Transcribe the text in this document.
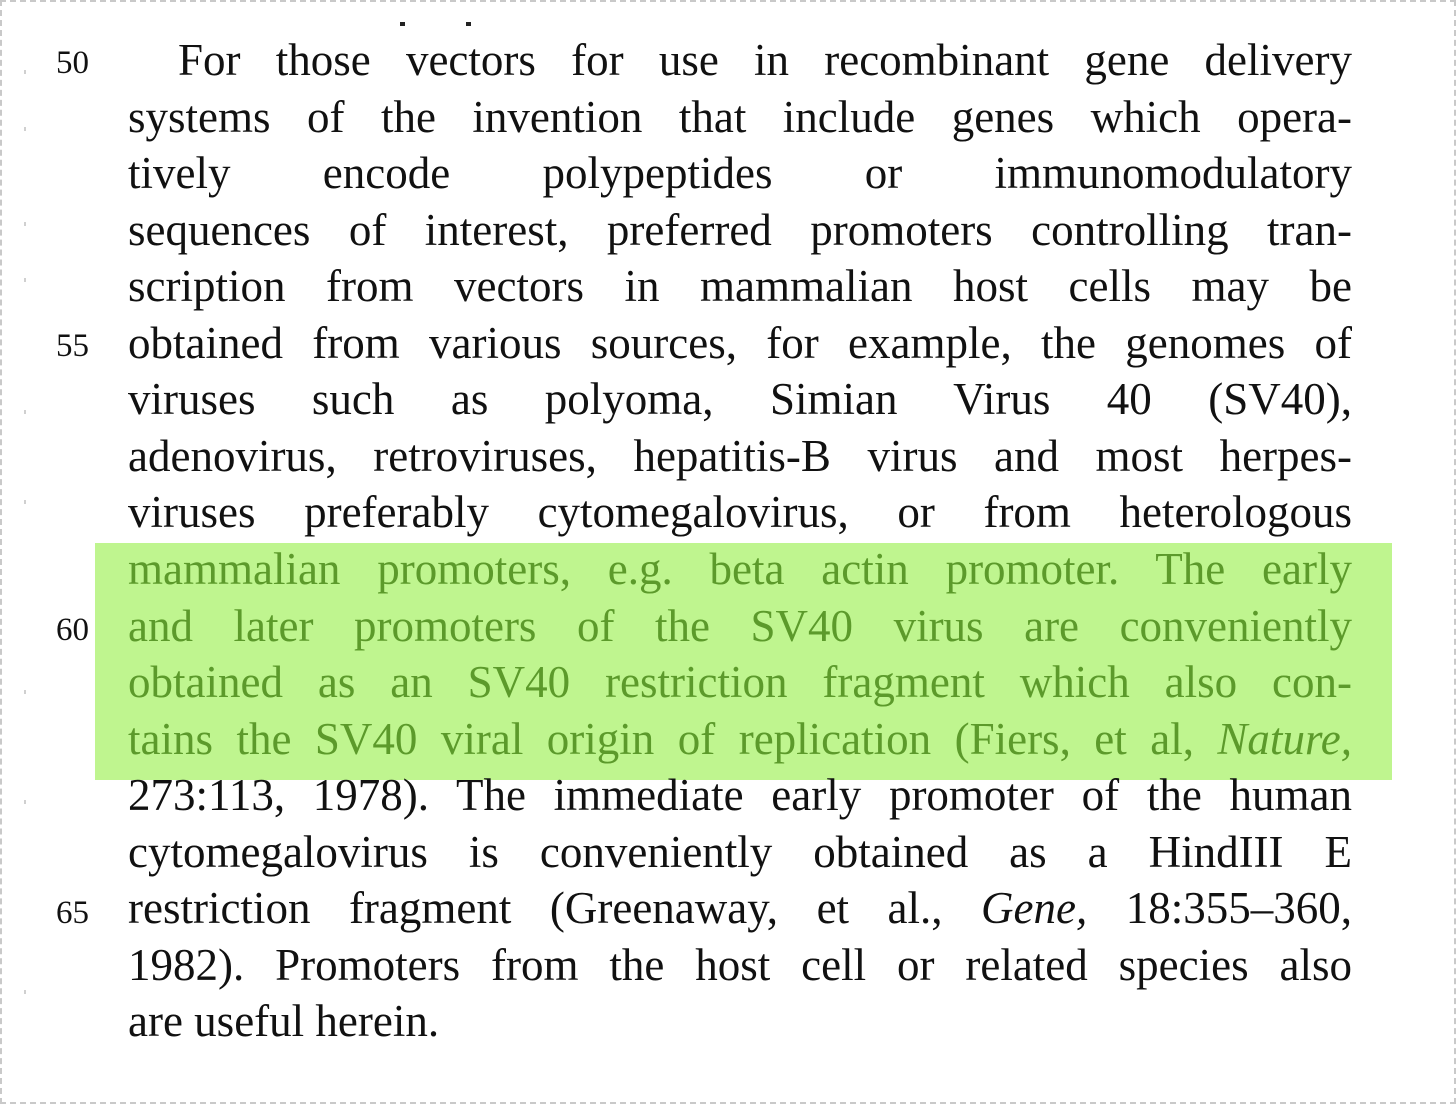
50
55
60
65
For those vectors for use in recombinant gene delivery
systems of the invention that include genes which opera-
tively encode polypeptides or immunomodulatory
sequences of interest, preferred promoters controlling tran-
scription from vectors in mammalian host cells may be
obtained from various sources, for example, the genomes of
viruses such as polyoma, Simian Virus 40 (SV40),
adenovirus, retroviruses, hepatitis-B virus and most herpes-
viruses preferably cytomegalovirus, or from heterologous
mammalian promoters, e.g. beta actin promoter. The early
and later promoters of the SV40 virus are conveniently
obtained as an SV40 restriction fragment which also con-
tains the SV40 viral origin of replication (Fiers, et al, Nature,
273:113, 1978). The immediate early promoter of the human
cytomegalovirus is conveniently obtained as a HindIII E
restriction fragment (Greenaway, et al., Gene, 18:355–360,
1982). Promoters from the host cell or related species also
are useful herein.
